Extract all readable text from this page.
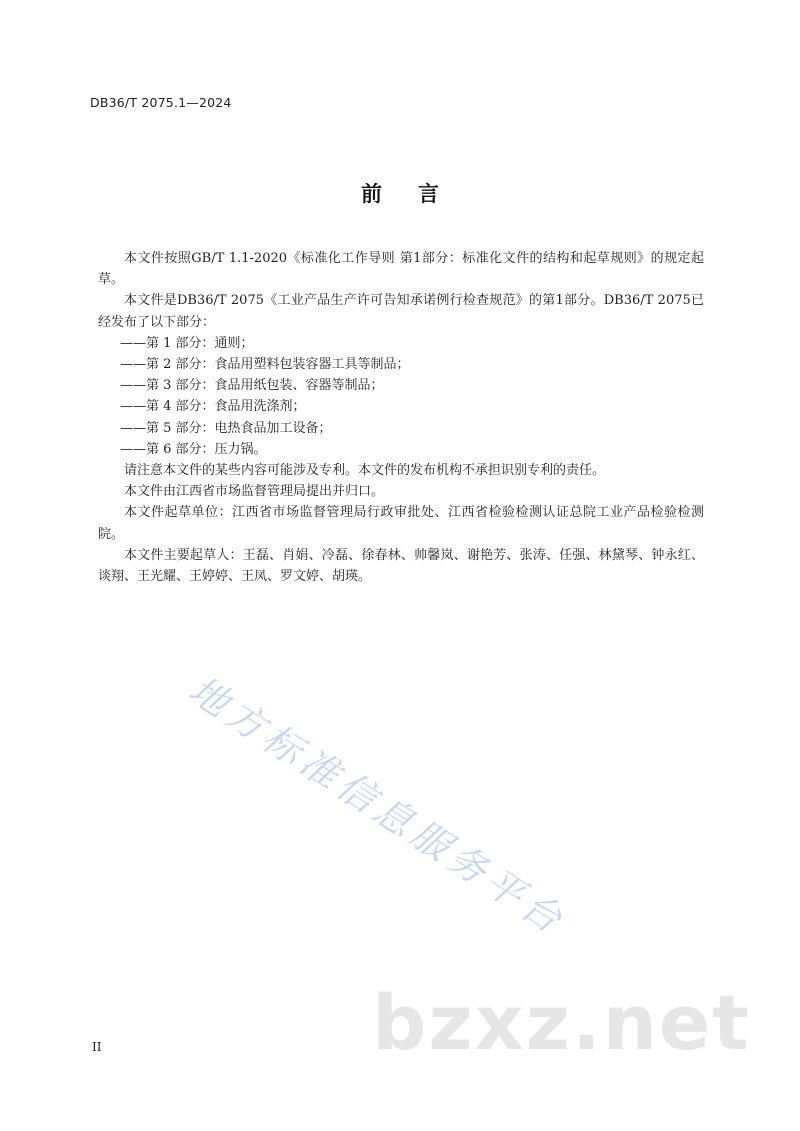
DB36/T 2075.1—2024
前言

本文件按照GB/T 1.1-2020《标准化工作导则 第1部分：标准化文件的结构和起草规则》的规定起草。

本文件是DB36/T 2075《工业产品生产许可告知承诺例行检查规范》的第1部分。DB36/T 2075已经发布了以下部分：

——第 1 部分：通则；

——第 2 部分：食品用塑料包装容器工具等制品；

——第 3 部分：食品用纸包装、容器等制品；

——第 4 部分：食品用洗涤剂；

——第 5 部分：电热食品加工设备；

——第 6 部分：压力锅。

请注意本文件的某些内容可能涉及专利。本文件的发布机构不承担识别专利的责任。

本文件由江西省市场监督管理局提出并归口。

本文件起草单位：江西省市场监督管理局行政审批处、江西省检验检测认证总院工业产品检验检测院。

本文件主要起草人：王磊、肖娟、冷磊、徐春林、帅馨岚、谢艳芳、张涛、任强、林黛琴、钟永红、谈翔、王光耀、王婷婷、王凤、罗文婷、胡瑛。

地方标准信息服务平台
bzxz.net
II
